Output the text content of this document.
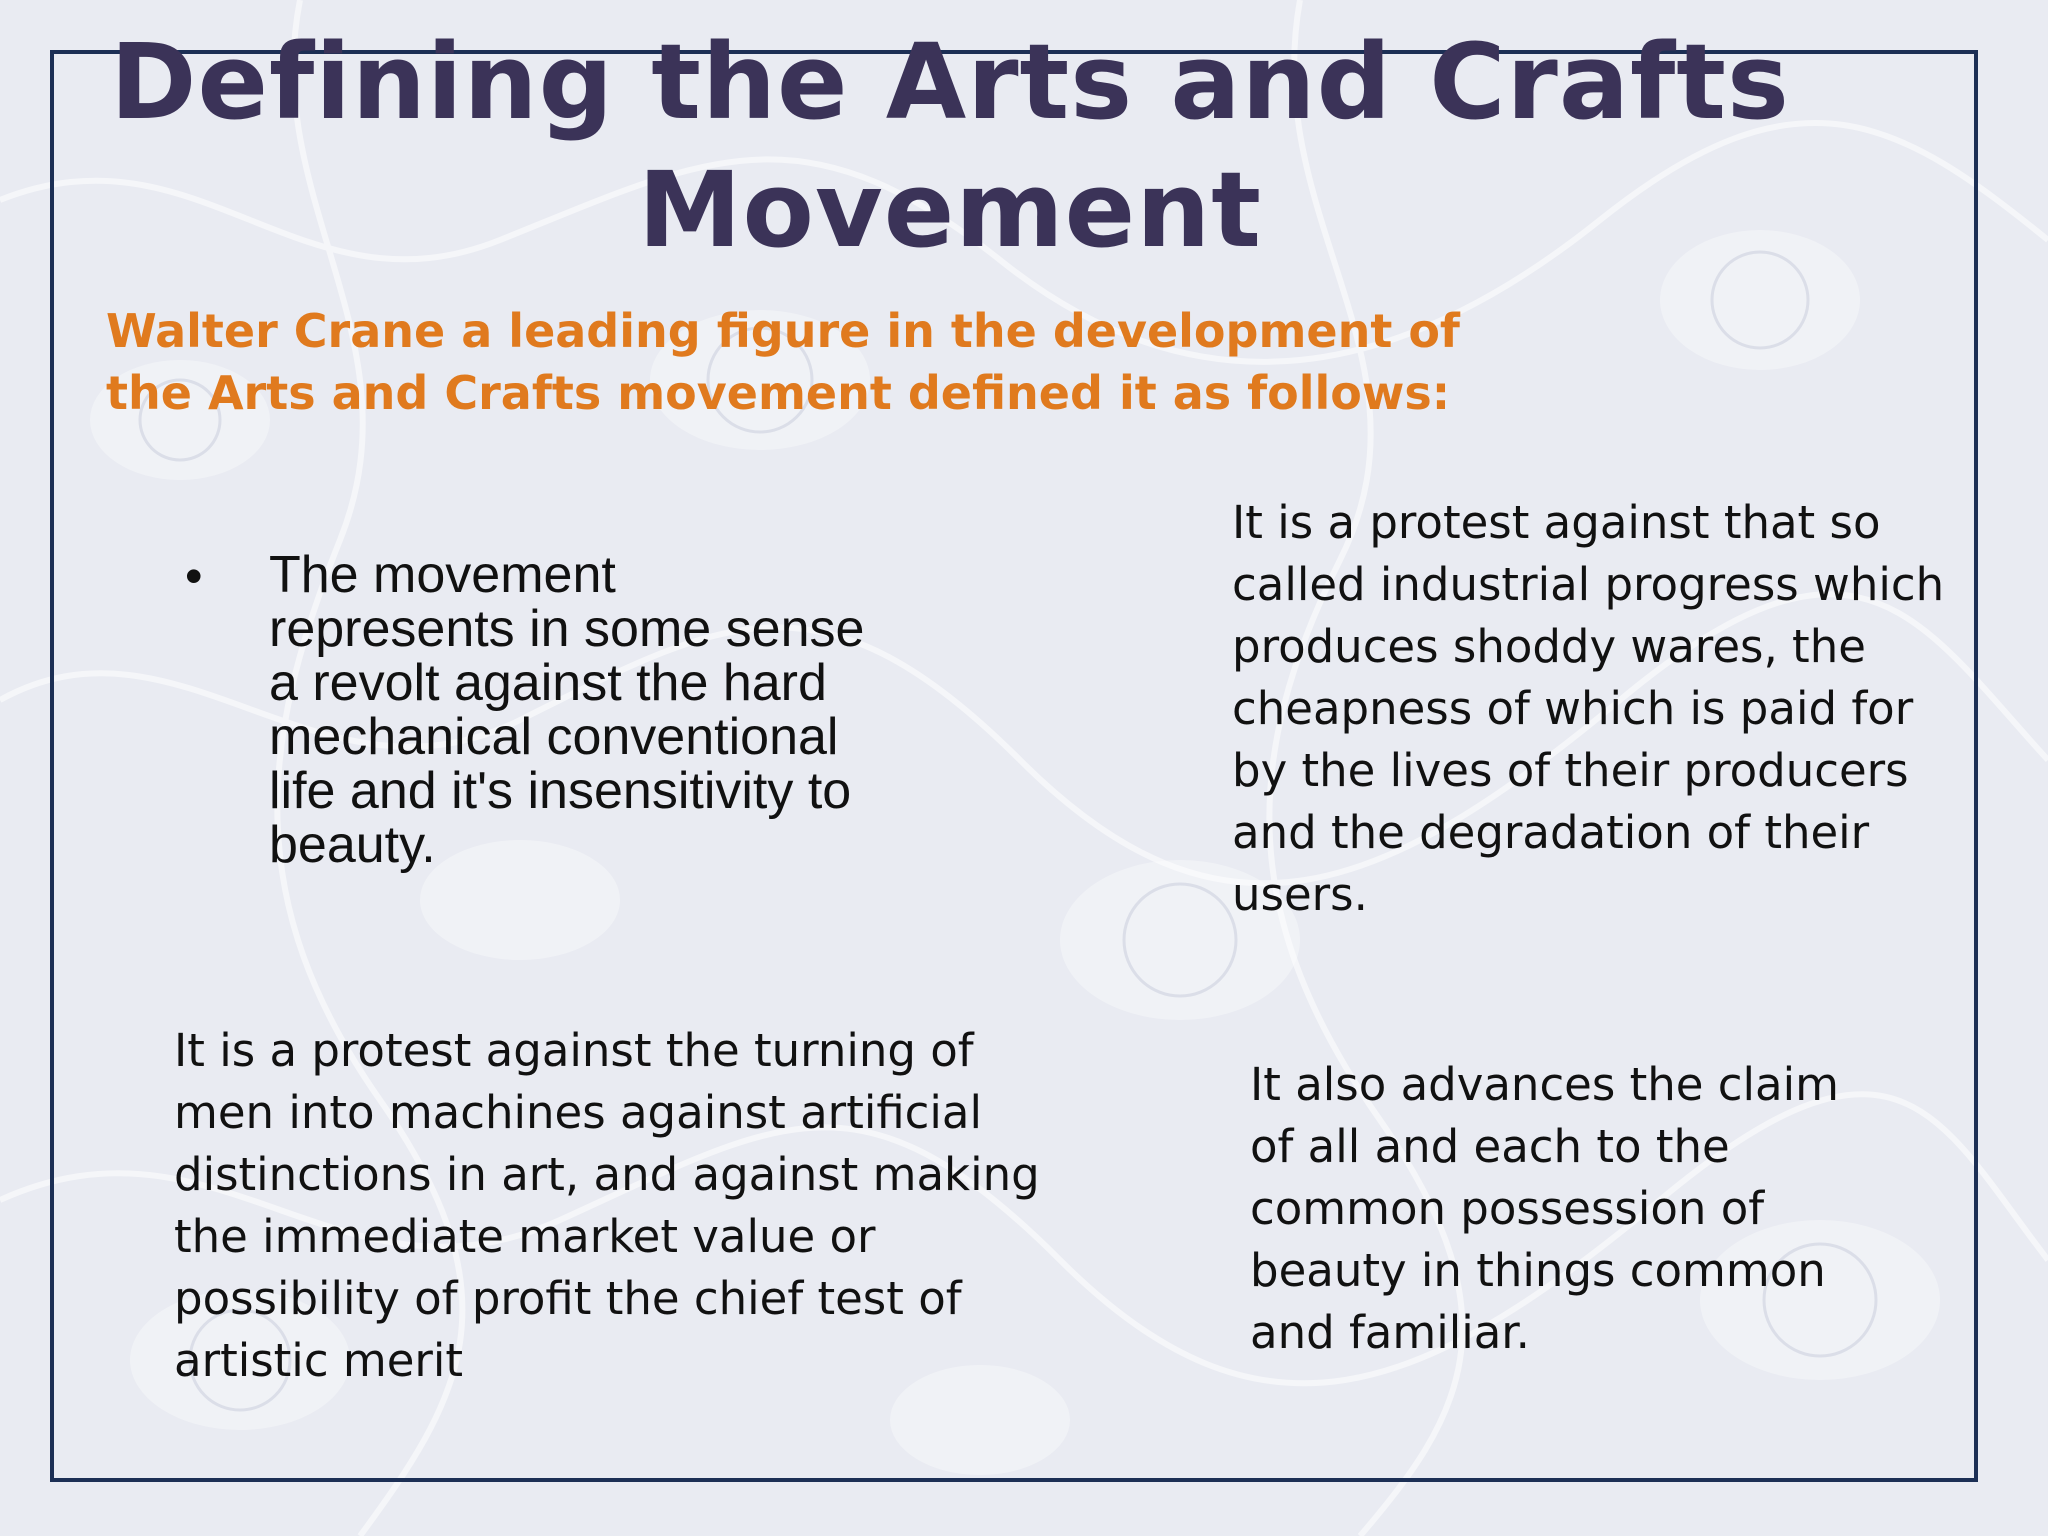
Defining the Arts and Crafts Movement

Walter Crane a leading figure in the development of the Arts and Crafts movement defined it as follows:

• The movement represents in some sense a revolt against the hard mechanical conventional life and it's insensitivity to beauty.

It is a protest against that so called industrial progress which produces shoddy wares, the cheapness of which is paid for by the lives of their producers and the degradation of their users.

It is a protest against the turning of men into machines against artificial distinctions in art, and against making the immediate market value or possibility of profit the chief test of artistic merit

It also advances the claim of all and each to the common possession of beauty in things common and familiar.
